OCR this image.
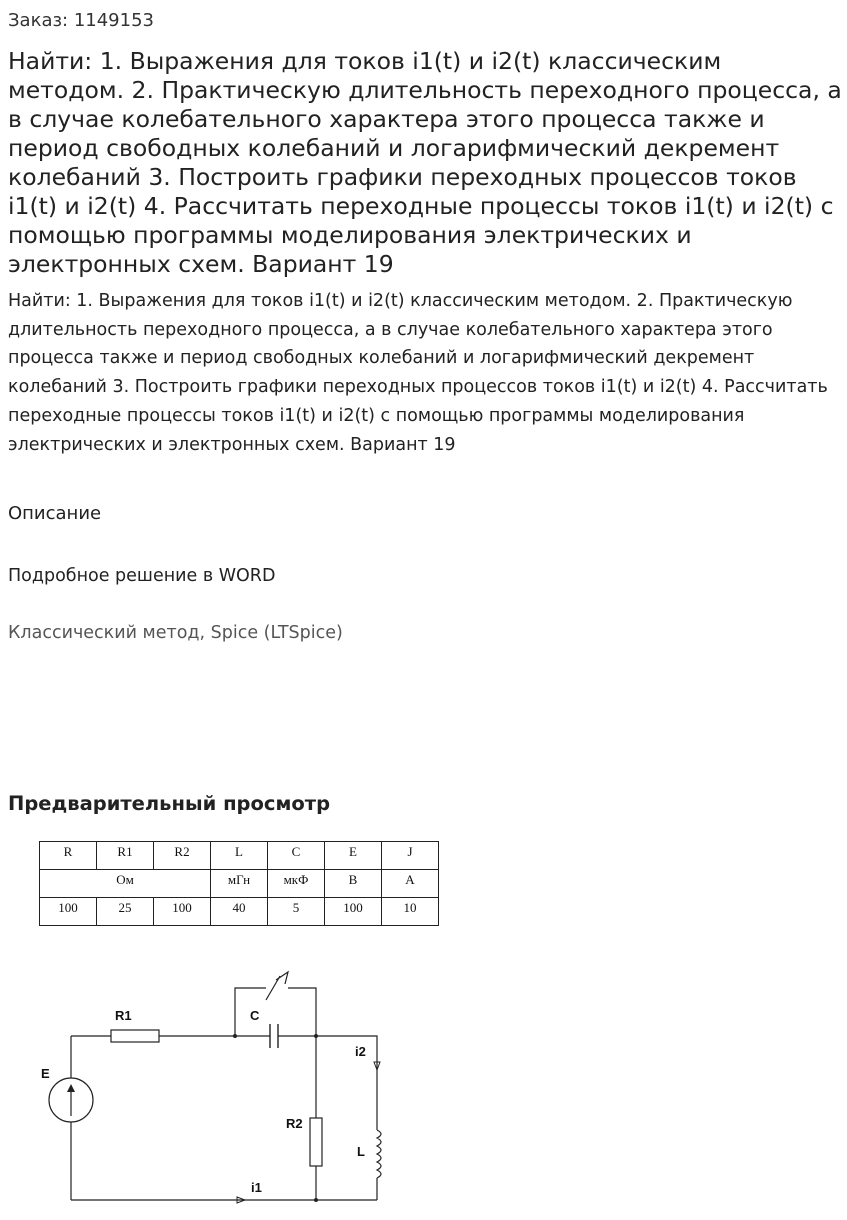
Заказ: 1149153

Найти: 1. Выражения для токов i1(t) и i2(t) классическим методом. 2. Практическую длительность переходного процесса, а в случае колебательного характера этого процесса также и период свободных колебаний и логарифмический декремент колебаний 3. Построить графики переходных процессов токов i1(t) и i2(t) 4. Рассчитать переходные процессы токов i1(t) и i2(t) с помощью программы моделирования электрических и электронных схем. Вариант 19

Найти: 1. Выражения для токов i1(t) и i2(t) классическим методом. 2. Практическую длительность переходного процесса, а в случае колебательного характера этого процесса также и период свободных колебаний и логарифмический декремент колебаний 3. Построить графики переходных процессов токов i1(t) и i2(t) 4. Рассчитать переходные процессы токов i1(t) и i2(t) с помощью программы моделирования электрических и электронных схем. Вариант 19

Описание

Подробное решение в WORD

Классический метод, Spice (LTSpice)

Предварительный просмотр
R	R1	R2	L	C	E	J
Ом			мГн	мкФ	В	А
100	25	100	40	5	100	10
R1	C
E
i2
R2
L
i1
